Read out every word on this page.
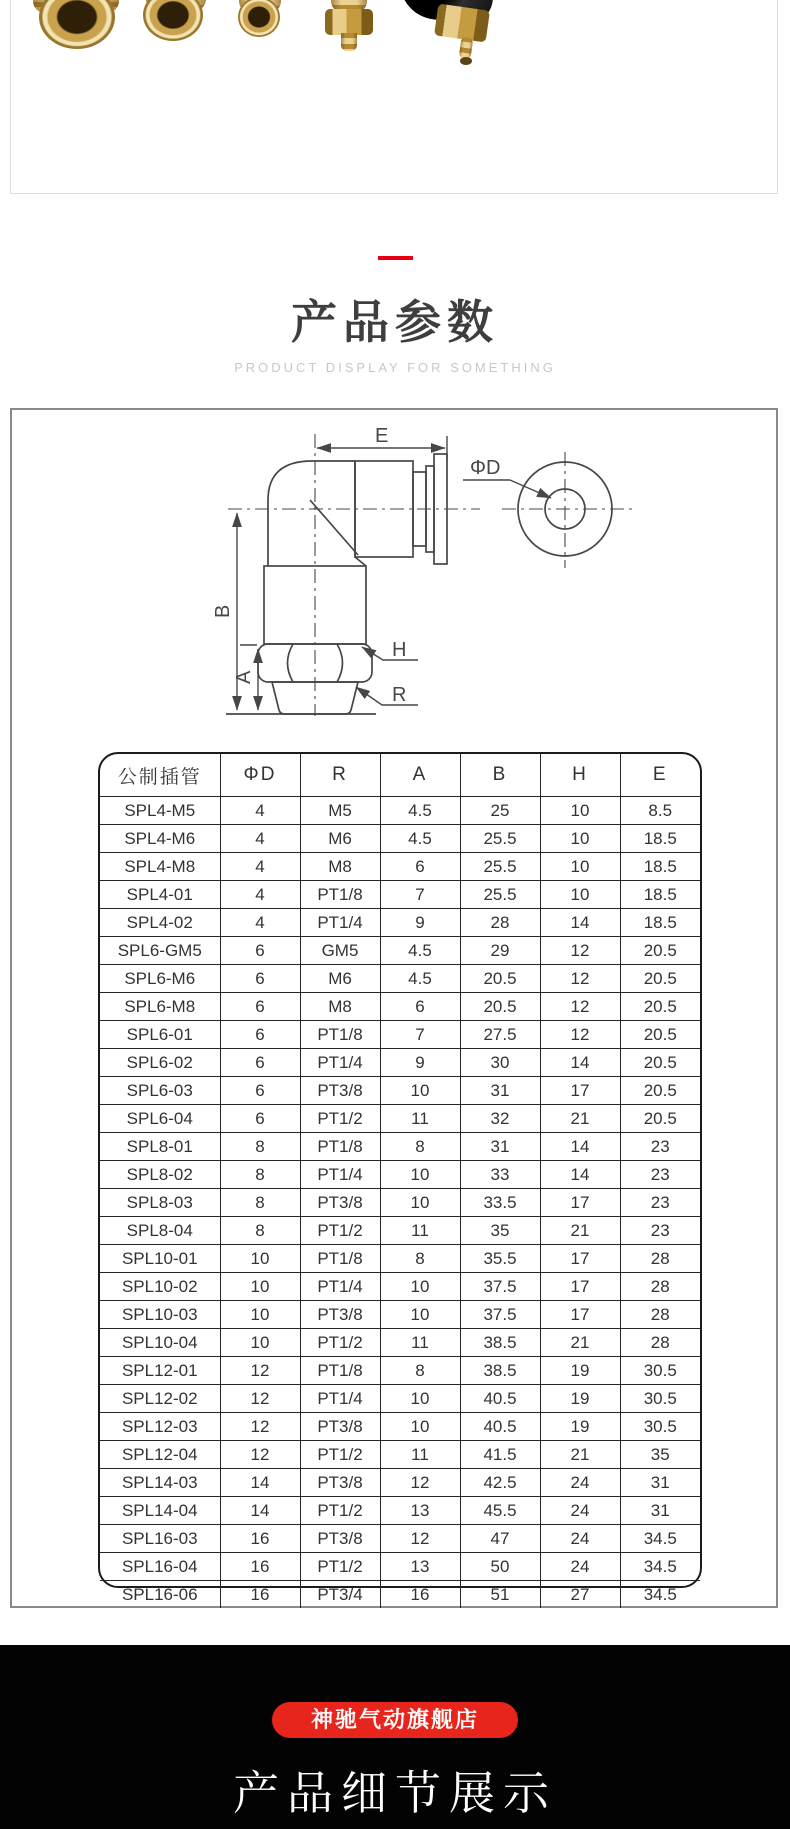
产品参数
PRODUCT DISPLAY FOR SOMETHING
E
B
A
H
R
ΦD
公制插管	ΦD	R	A	B	H	E
SPL4-M5	4	M5	4.5	25	10	8.5
SPL4-M6	4	M6	4.5	25.5	10	18.5
SPL4-M8	4	M8	6	25.5	10	18.5
SPL4-01	4	PT1/8	7	25.5	10	18.5
SPL4-02	4	PT1/4	9	28	14	18.5
SPL6-GM5	6	GM5	4.5	29	12	20.5
SPL6-M6	6	M6	4.5	20.5	12	20.5
SPL6-M8	6	M8	6	20.5	12	20.5
SPL6-01	6	PT1/8	7	27.5	12	20.5
SPL6-02	6	PT1/4	9	30	14	20.5
SPL6-03	6	PT3/8	10	31	17	20.5
SPL6-04	6	PT1/2	11	32	21	20.5
SPL8-01	8	PT1/8	8	31	14	23
SPL8-02	8	PT1/4	10	33	14	23
SPL8-03	8	PT3/8	10	33.5	17	23
SPL8-04	8	PT1/2	11	35	21	23
SPL10-01	10	PT1/8	8	35.5	17	28
SPL10-02	10	PT1/4	10	37.5	17	28
SPL10-03	10	PT3/8	10	37.5	17	28
SPL10-04	10	PT1/2	11	38.5	21	28
SPL12-01	12	PT1/8	8	38.5	19	30.5
SPL12-02	12	PT1/4	10	40.5	19	30.5
SPL12-03	12	PT3/8	10	40.5	19	30.5
SPL12-04	12	PT1/2	11	41.5	21	35
SPL14-03	14	PT3/8	12	42.5	24	31
SPL14-04	14	PT1/2	13	45.5	24	31
SPL16-03	16	PT3/8	12	47	24	34.5
SPL16-04	16	PT1/2	13	50	24	34.5
SPL16-06	16	PT3/4	16	51	27	34.5
神驰气动旗舰店
产品细节展示
